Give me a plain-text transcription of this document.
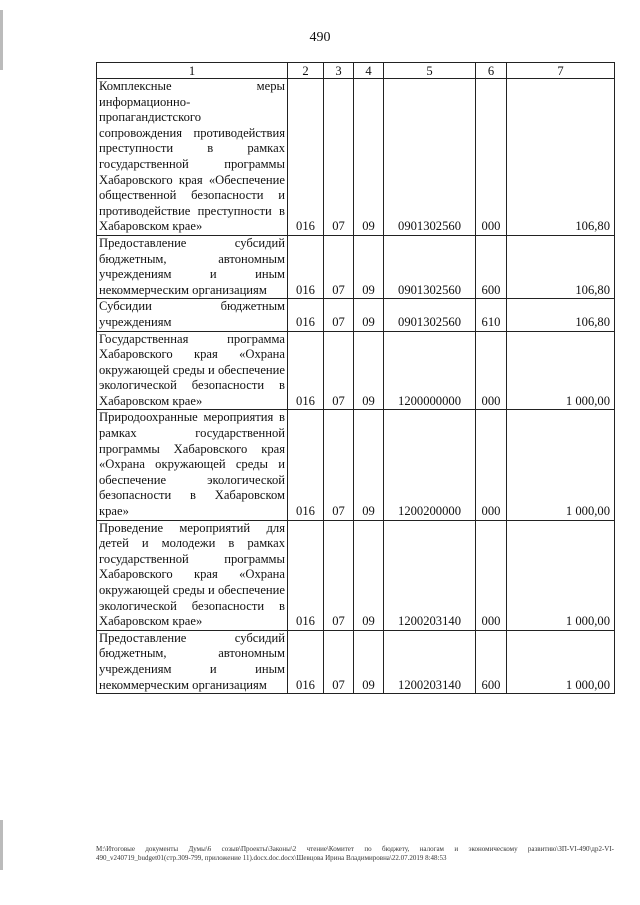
490
1	2	3	4	5	6	7
Комплексные меры информационно-пропагандистского сопровождения противодействия преступности в рамках государственной программы Хабаровского края «Обеспечение общественной безопасности и противодействие преступности в Хабаровском крае»	016	07	09	0901302560	000	106,80
Предоставление субсидий бюджетным, автономным учреждениям и иным некоммерческим организациям	016	07	09	0901302560	600	106,80
Субсидии бюджетным учреждениям	016	07	09	0901302560	610	106,80
Государственная программа Хабаровского края «Охрана окружающей среды и обеспечение экологической безопасности в Хабаровском крае»	016	07	09	1200000000	000	1 000,00
Природоохранные мероприятия в рамках государственной программы Хабаровского края «Охрана окружающей среды и обеспечение экологической безопасности в Хабаровском крае»	016	07	09	1200200000	000	1 000,00
Проведение мероприятий для детей и молодежи в рамках государственной программы Хабаровского края «Охрана окружающей среды и обеспечение экологической безопасности в Хабаровском крае»	016	07	09	1200203140	000	1 000,00
Предоставление субсидий бюджетным, автономным учреждениям и иным некоммерческим организациям	016	07	09	1200203140	600	1 000,00
M:\Итоговые документы Думы\6 созыв\Проекты\Законы\2 чтение\Комитет по бюджету, налогам и экономическому развитию\ЗП-VI-490\др2-VI-490_v240719_budget01(стр.309-799, приложение 11).docx.doc.docx\Шевцова Ирина Владимировна\22.07.2019 8:48:53
